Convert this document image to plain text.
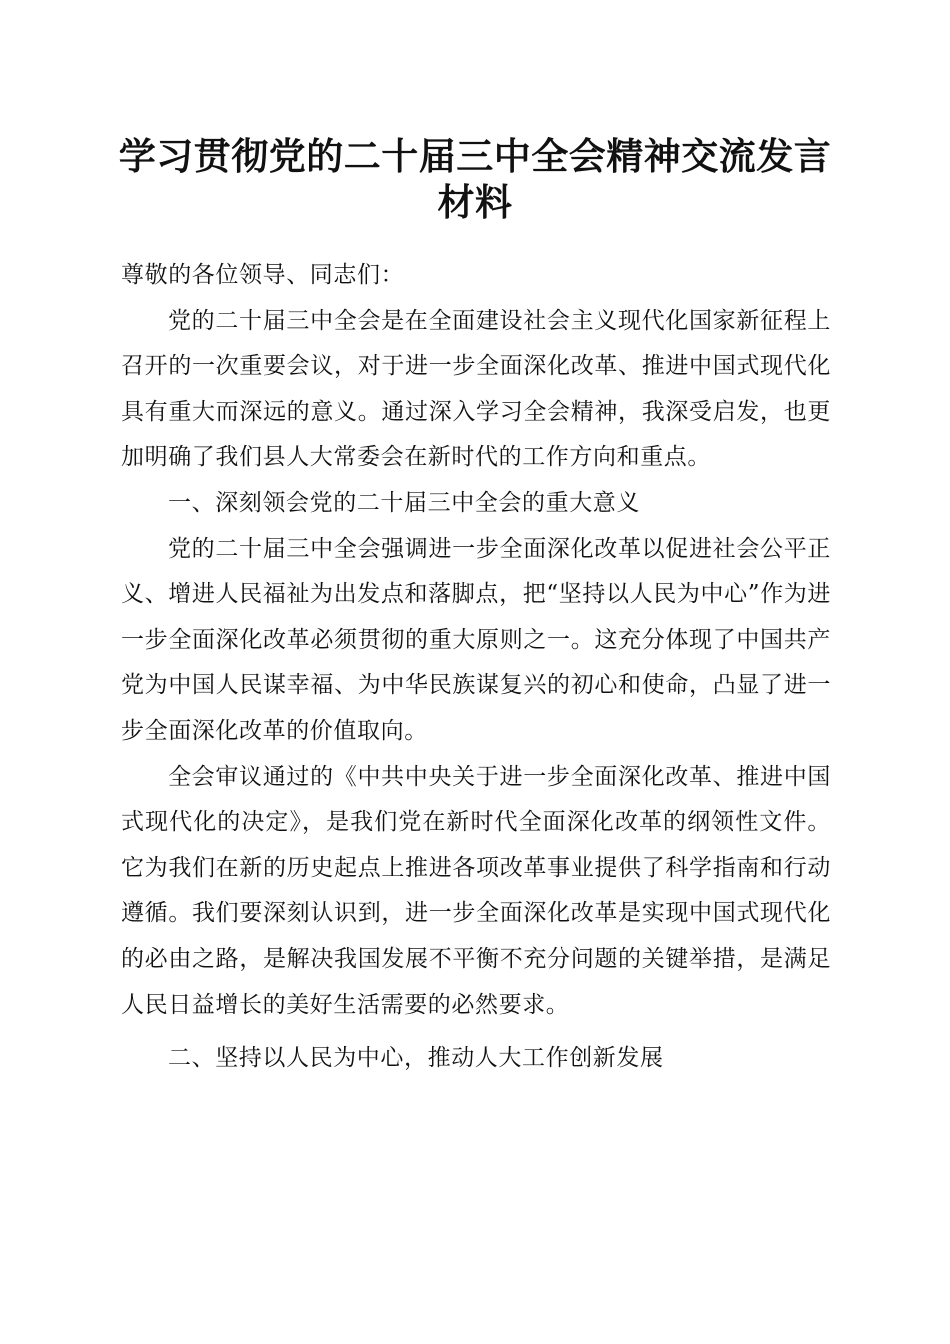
学习贯彻党的二十届三中全会精神交流发言材料

尊敬的各位领导、同志们：

党的二十届三中全会是在全面建设社会主义现代化国家新征程上召开的一次重要会议，对于进一步全面深化改革、推进中国式现代化具有重大而深远的意义。通过深入学习全会精神，我深受启发，也更加明确了我们县人大常委会在新时代的工作方向和重点。

一、深刻领会党的二十届三中全会的重大意义

党的二十届三中全会强调进一步全面深化改革以促进社会公平正义、增进人民福祉为出发点和落脚点，把“坚持以人民为中心”作为进一步全面深化改革必须贯彻的重大原则之一。这充分体现了中国共产党为中国人民谋幸福、为中华民族谋复兴的初心和使命，凸显了进一步全面深化改革的价值取向。

全会审议通过的《中共中央关于进一步全面深化改革、推进中国式现代化的决定》，是我们党在新时代全面深化改革的纲领性文件。它为我们在新的历史起点上推进各项改革事业提供了科学指南和行动遵循。我们要深刻认识到，进一步全面深化改革是实现中国式现代化的必由之路，是解决我国发展不平衡不充分问题的关键举措，是满足人民日益增长的美好生活需要的必然要求。

二、坚持以人民为中心，推动人大工作创新发展
